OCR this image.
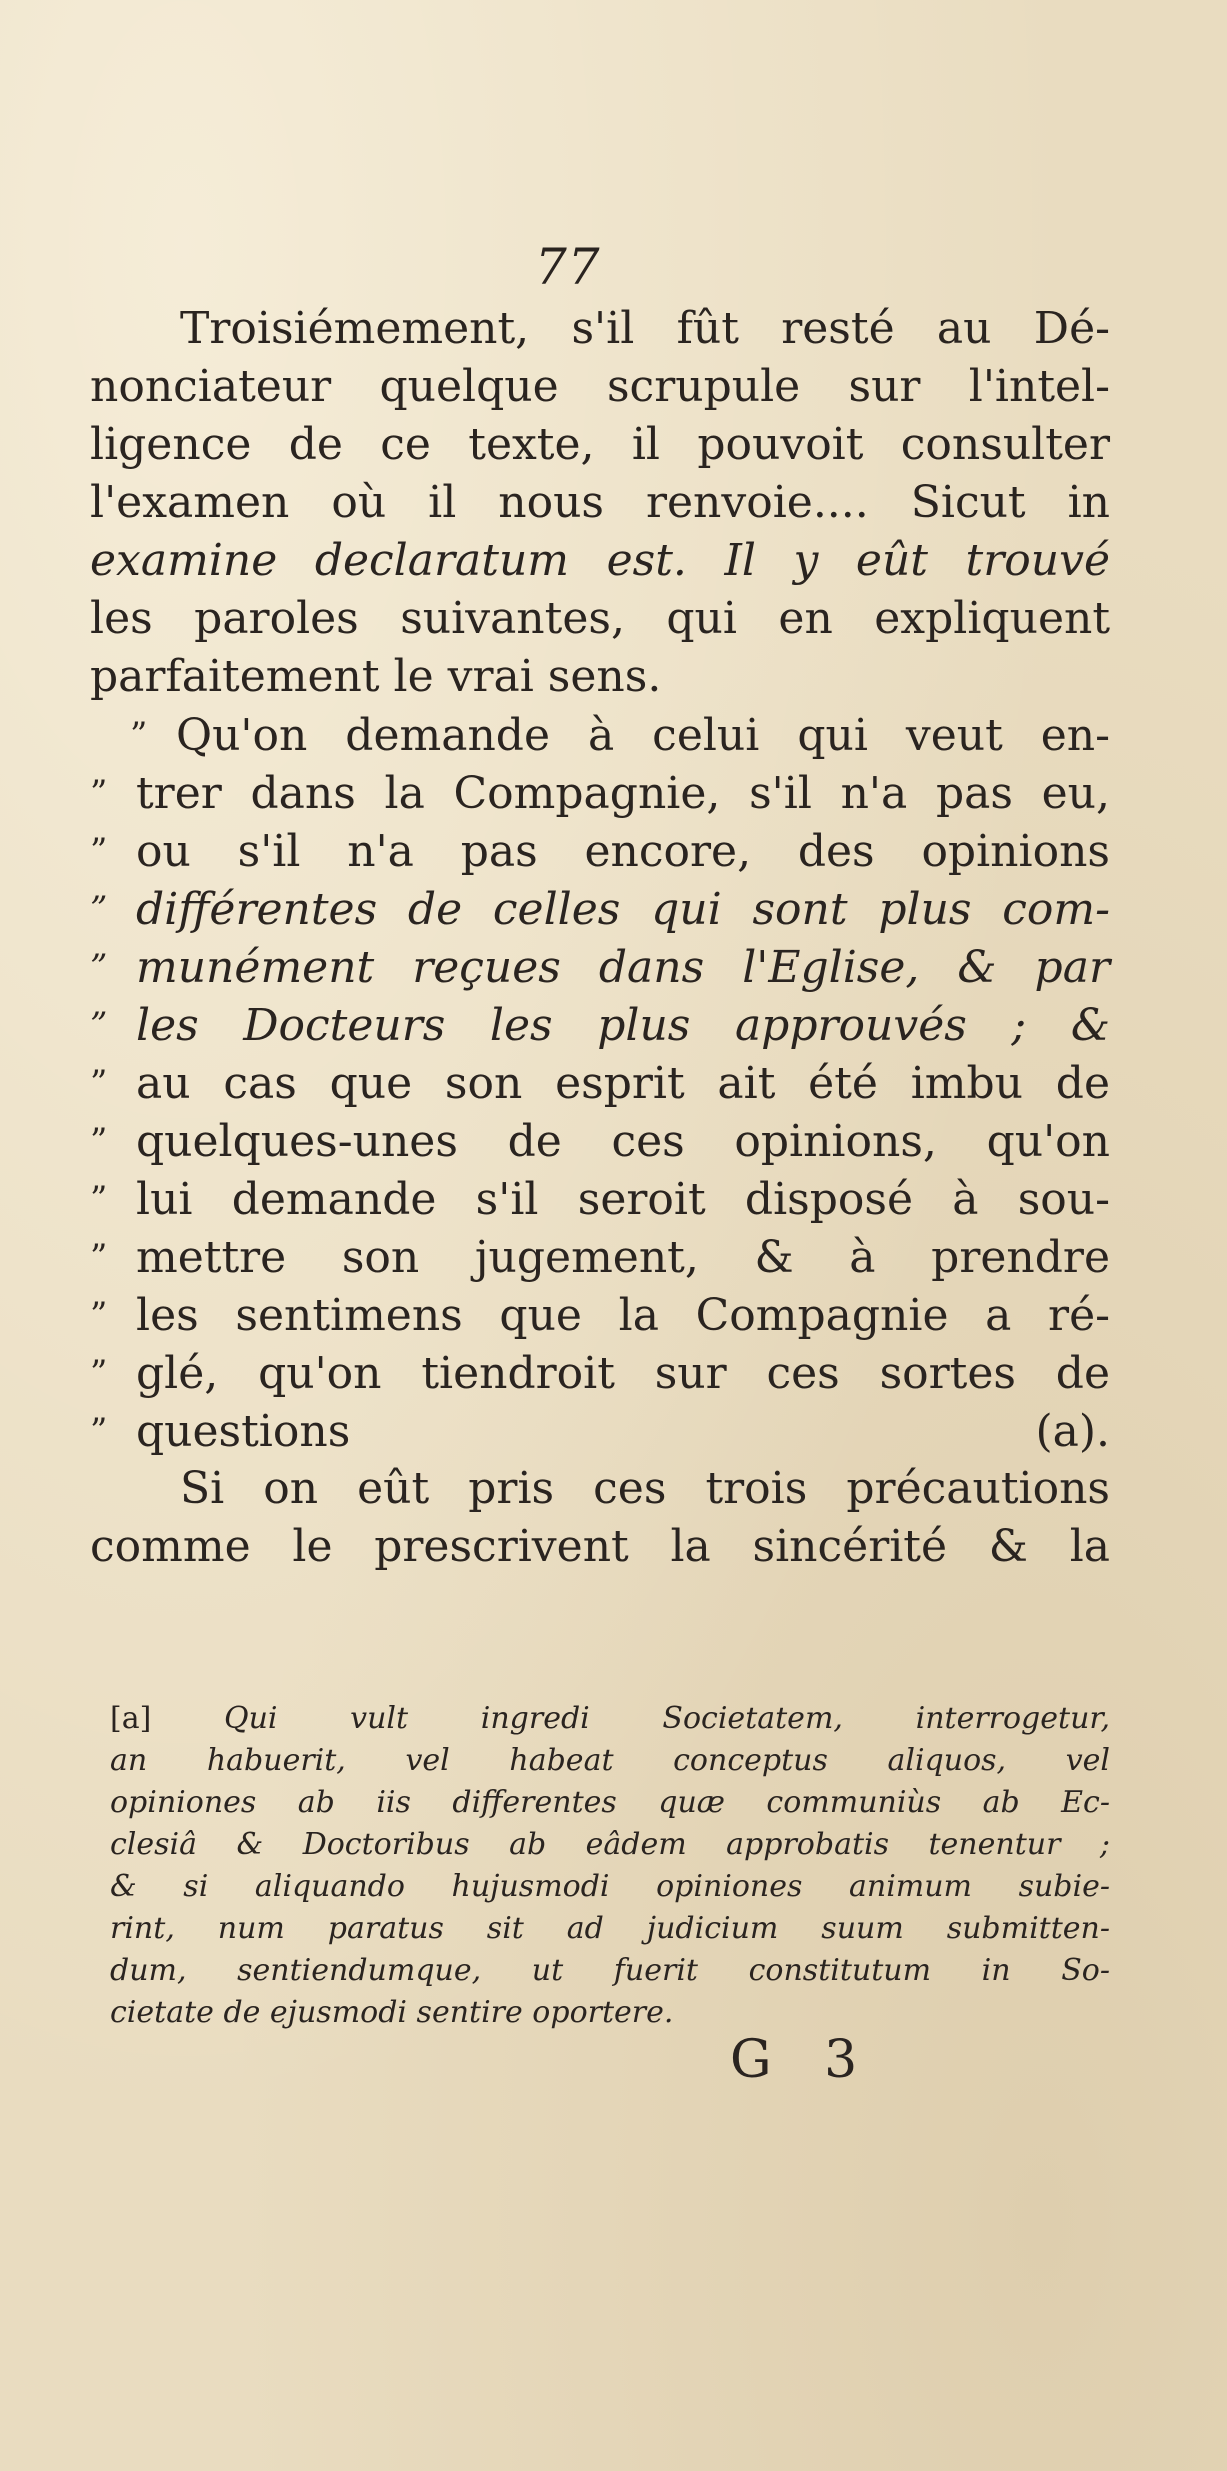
77
Troisiémement, s'il fût resté au Dé-
nonciateur quelque scrupule sur l'intel-
ligence de ce texte, il pouvoit consulter
l'examen où il nous renvoie.... Sicut in
examine declaratum est. Il y eût trouvé
les paroles suivantes, qui en expliquent
parfaitement le vrai sens.
” Qu'on demande à celui qui veut en-
” trer dans la Compagnie, s'il n'a pas eu,
” ou s'il n'a pas encore, des opinions
” différentes de celles qui sont plus com-
” munément reçues dans l'Eglise, & par
” les Docteurs les plus approuvés ; &
” au cas que son esprit ait été imbu de
” quelques-unes de ces opinions, qu'on
” lui demande s'il seroit disposé à sou-
” mettre son jugement, & à prendre
” les sentimens que la Compagnie a ré-
” glé, qu'on tiendroit sur ces sortes de
” questions (a).
Si on eût pris ces trois précautions
comme le prescrivent la sincérité & la
[a] Qui vult ingredi Societatem, interrogetur,
an habuerit, vel habeat conceptus aliquos, vel
opiniones ab iis differentes quæ communiùs ab Ec-
clesiâ & Doctoribus ab eâdem approbatis tenentur ;
& si aliquando hujusmodi opiniones animum subie-
rint, num paratus sit ad judicium suum submitten-
dum, sentiendumque, ut fuerit constitutum in So-
cietate de ejusmodi sentire oportere.
G 3
